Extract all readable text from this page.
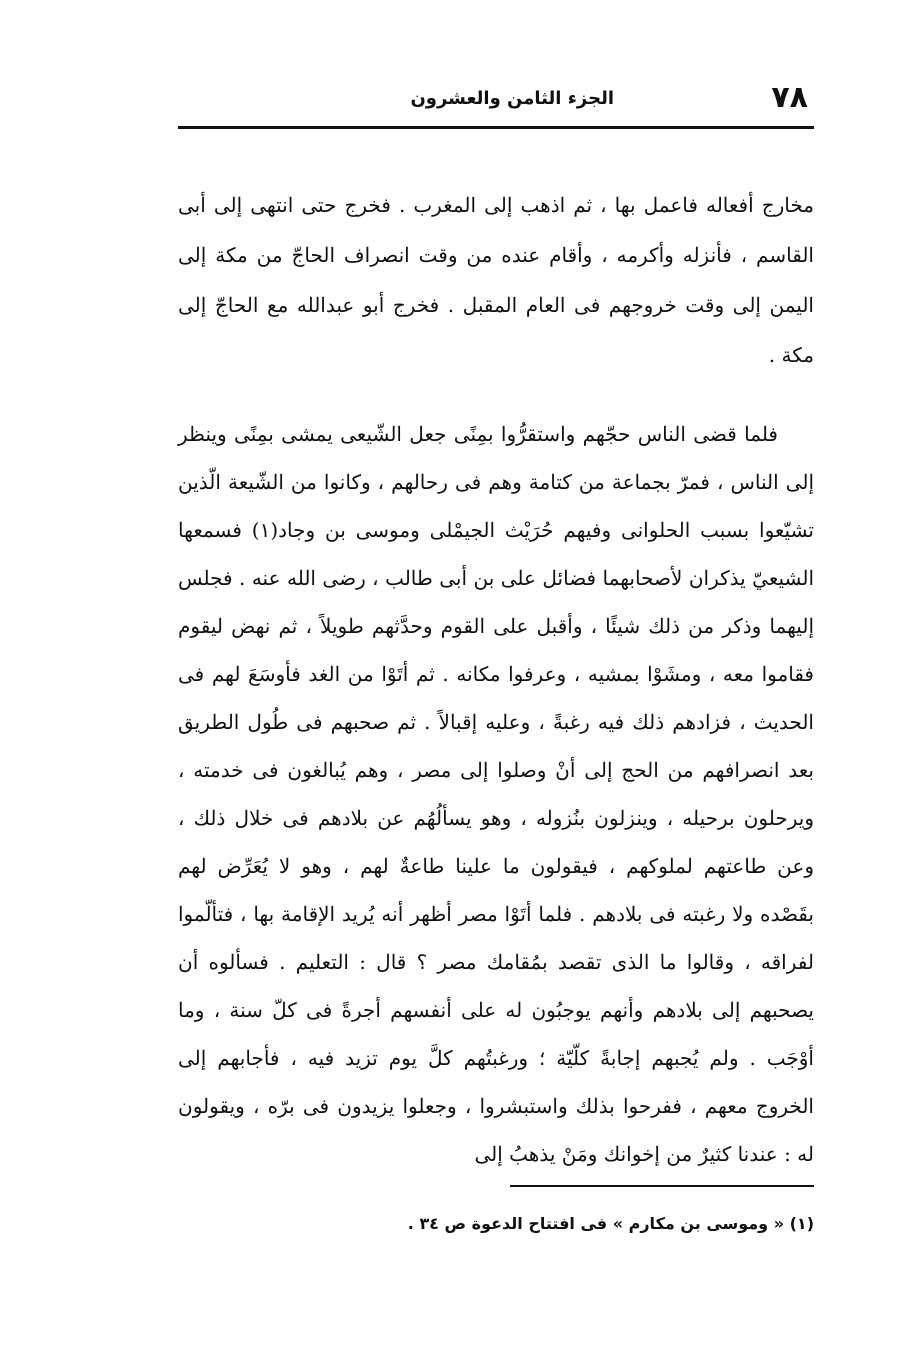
٧٨
الجزء الثامن والعشرون

مخارج أفعاله فاعمل بها ، ثم اذهب إلى المغرب . فخرج حتى انتهى إلى أبى القاسم ، فأنزله وأكرمه ، وأقام عنده من وقت انصراف الحاجّ من مكة إلى اليمن إلى وقت خروجهم فى العام المقبل . فخرج أبو عبدالله مع الحاجّ إلى مكة .

فلما قضى الناس حجّهم واستقرُّوا بمِنًى جعل الشّيعى يمشى بمِنًى وينظر إلى الناس ، فمرّ بجماعة من كتامة وهم فى رحالهم ، وكانوا من الشّيعة الّذين تشيّعوا بسبب الحلوانى وفيهم حُرَيْث الجيمْلى وموسى بن وجاد(١) فسمعها الشيعيّ يذكران لأصحابهما فضائل على بن أبى طالب ، رضى الله عنه . فجلس إليهما وذكر من ذلك شيئًا ، وأقبل على القوم وحدَّثهم طويلاً ، ثم نهض ليقوم فقاموا معه ، ومشَوْا بمشيه ، وعرفوا مكانه . ثم أتَوْا من الغد فأوسَعَ لهم فى الحديث ، فزادهم ذلك فيه رغبةً ، وعليه إقبالاً . ثم صحبهم فى طُول الطريق بعد انصرافهم من الحج إلى أنْ وصلوا إلى مصر ، وهم يُبالغون فى خدمته ، ويرحلون برحيله ، وينزلون بنُزوله ، وهو يسألُهُم عن بلادهم فى خلال ذلك ، وعن طاعتهم لملوكهم ، فيقولون ما علينا طاعةٌ لهم ، وهو لا يُعَرِّض لهم بقَصْده ولا رغبته فى بلادهم . فلما أتَوْا مصر أظهر أنه يُريد الإقامة بها ، فتألّموا لفراقه ، وقالوا ما الذى تقصد بمُقامك مصر ؟ قال : التعليم . فسألوه أن يصحبهم إلى بلادهم وأنهم يوجبُون له على أنفسهم أجرةً فى كلّ سنة ، وما أوْجَب . ولم يُجبهم إجابةً كلّيّة ؛ ورغبتُهم كلَّ يوم تزيد فيه ، فأجابهم إلى الخروج معهم ، ففرحوا بذلك واستبشروا ، وجعلوا يزيدون فى برّه ، ويقولون له : عندنا كثيرٌ من إخوانك ومَنْ يذهبُ إلى

(١) « وموسى بن مكارم » فى افتتاح الدعوة ص ٣٤ .
